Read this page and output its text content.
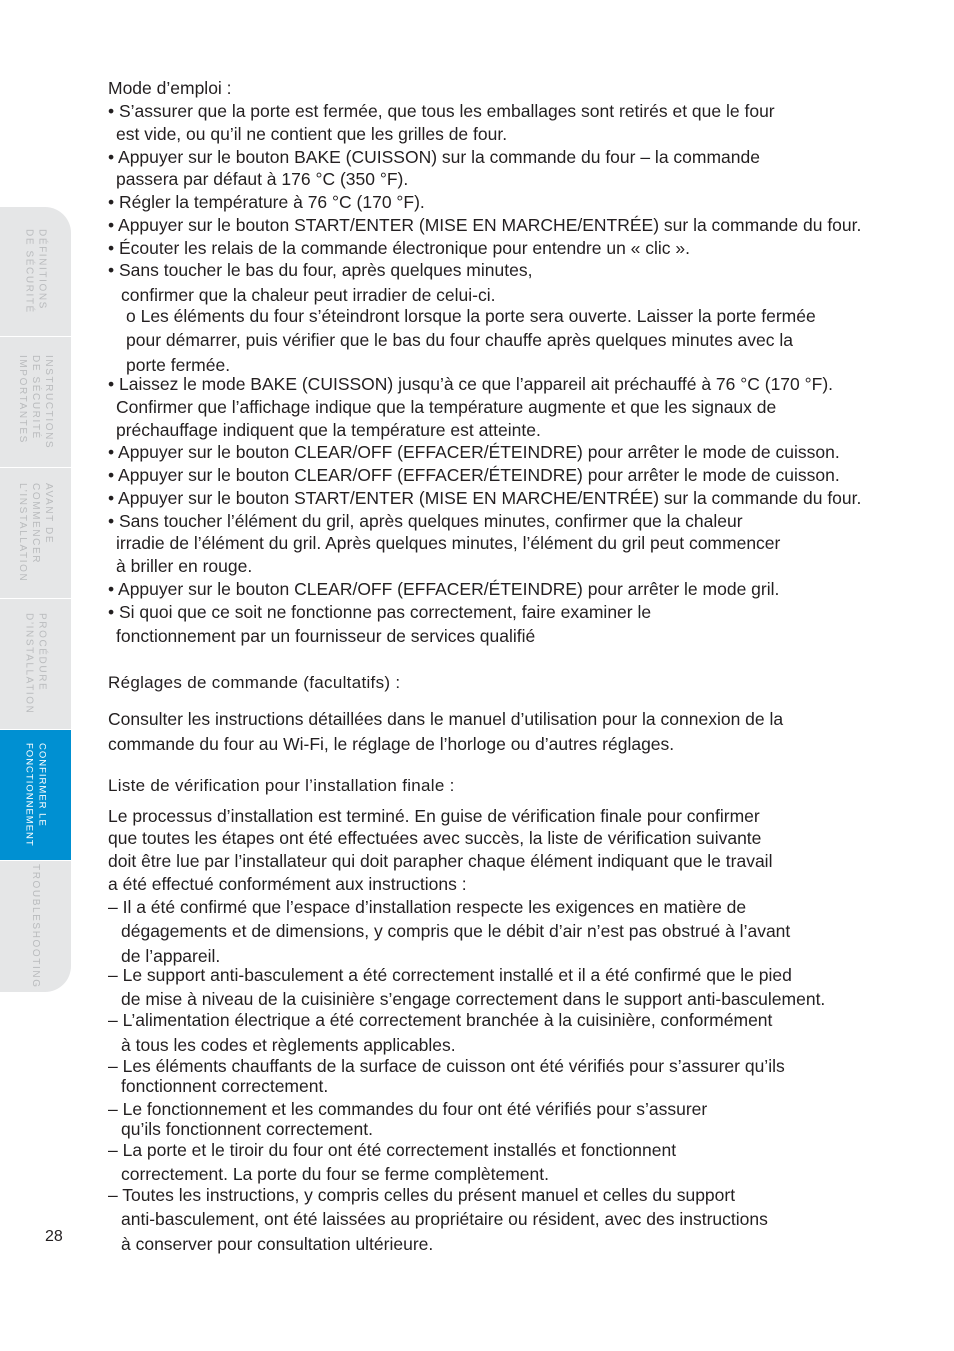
DÉFINITIONS
DE SÉCURITÉ
INSTRUCTIONS
DE SÉCURITÉ
IMPORTANTES
AVANT DE
COMMENCER
L’INSTALLATION
PROCÉDURE
D’INSTALLATION
CONFIRMER LE
FONCTIONNEMENT
TROUBLESHOOTING
Mode d’emploi :
• S’assurer que la porte est fermée, que tous les emballages sont retirés et que le four
est vide, ou qu’il ne contient que les grilles de four.
• Appuyer sur le bouton BAKE (CUISSON) sur la commande du four – la commande
passera par défaut à 176 °C (350 °F).
• Régler la température à 76 °C (170 °F).
• Appuyer sur le bouton START/ENTER (MISE EN MARCHE/ENTRÉE) sur la commande du four.
• Écouter les relais de la commande électronique pour entendre un « clic ».
• Sans toucher le bas du four, après quelques minutes,
confirmer que la chaleur peut irradier de celui-ci.
o Les éléments du four s’éteindront lorsque la porte sera ouverte. Laisser la porte fermée
pour démarrer, puis vérifier que le bas du four chauffe après quelques minutes avec la
porte fermée.
• Laissez le mode BAKE (CUISSON) jusqu’à ce que l’appareil ait préchauffé à 76 °C (170 °F).
Confirmer que l’affichage indique que la température augmente et que les signaux de
préchauffage indiquent que la température est atteinte.
• Appuyer sur le bouton CLEAR/OFF (EFFACER/ÉTEINDRE) pour arrêter le mode de cuisson.
• Appuyer sur le bouton CLEAR/OFF (EFFACER/ÉTEINDRE) pour arrêter le mode de cuisson.
• Appuyer sur le bouton START/ENTER (MISE EN MARCHE/ENTRÉE) sur la commande du four.
• Sans toucher l’élément du gril, après quelques minutes, confirmer que la chaleur
irradie de l’élément du gril. Après quelques minutes, l’élément du gril peut commencer
à briller en rouge.
• Appuyer sur le bouton CLEAR/OFF (EFFACER/ÉTEINDRE) pour arrêter le mode gril.
• Si quoi que ce soit ne fonctionne pas correctement, faire examiner le
fonctionnement par un fournisseur de services qualifié
Réglages de commande (facultatifs) :
Consulter les instructions détaillées dans le manuel d’utilisation pour la connexion de la
commande du four au Wi-Fi, le réglage de l’horloge ou d’autres réglages.
Liste de vérification pour l’installation finale :
Le processus d’installation est terminé. En guise de vérification finale pour confirmer
que toutes les étapes ont été effectuées avec succès, la liste de vérification suivante
doit être lue par l’installateur qui doit parapher chaque élément indiquant que le travail
a été effectué conformément aux instructions :
– Il a été confirmé que l’espace d’installation respecte les exigences en matière de
dégagements et de dimensions, y compris que le débit d’air n’est pas obstrué à l’avant
de l’appareil.
– Le support anti-basculement a été correctement installé et il a été confirmé que le pied
de mise à niveau de la cuisinière s’engage correctement dans le support anti-basculement.
– L’alimentation électrique a été correctement branchée à la cuisinière, conformément
à tous les codes et règlements applicables.
– Les éléments chauffants de la surface de cuisson ont été vérifiés pour s’assurer qu’ils
fonctionnent correctement.
– Le fonctionnement et les commandes du four ont été vérifiés pour s’assurer
qu’ils fonctionnent correctement.
– La porte et le tiroir du four ont été correctement installés et fonctionnent
correctement. La porte du four se ferme complètement.
– Toutes les instructions, y compris celles du présent manuel et celles du support
anti-basculement, ont été laissées au propriétaire ou résident, avec des instructions
à conserver pour consultation ultérieure.
28
